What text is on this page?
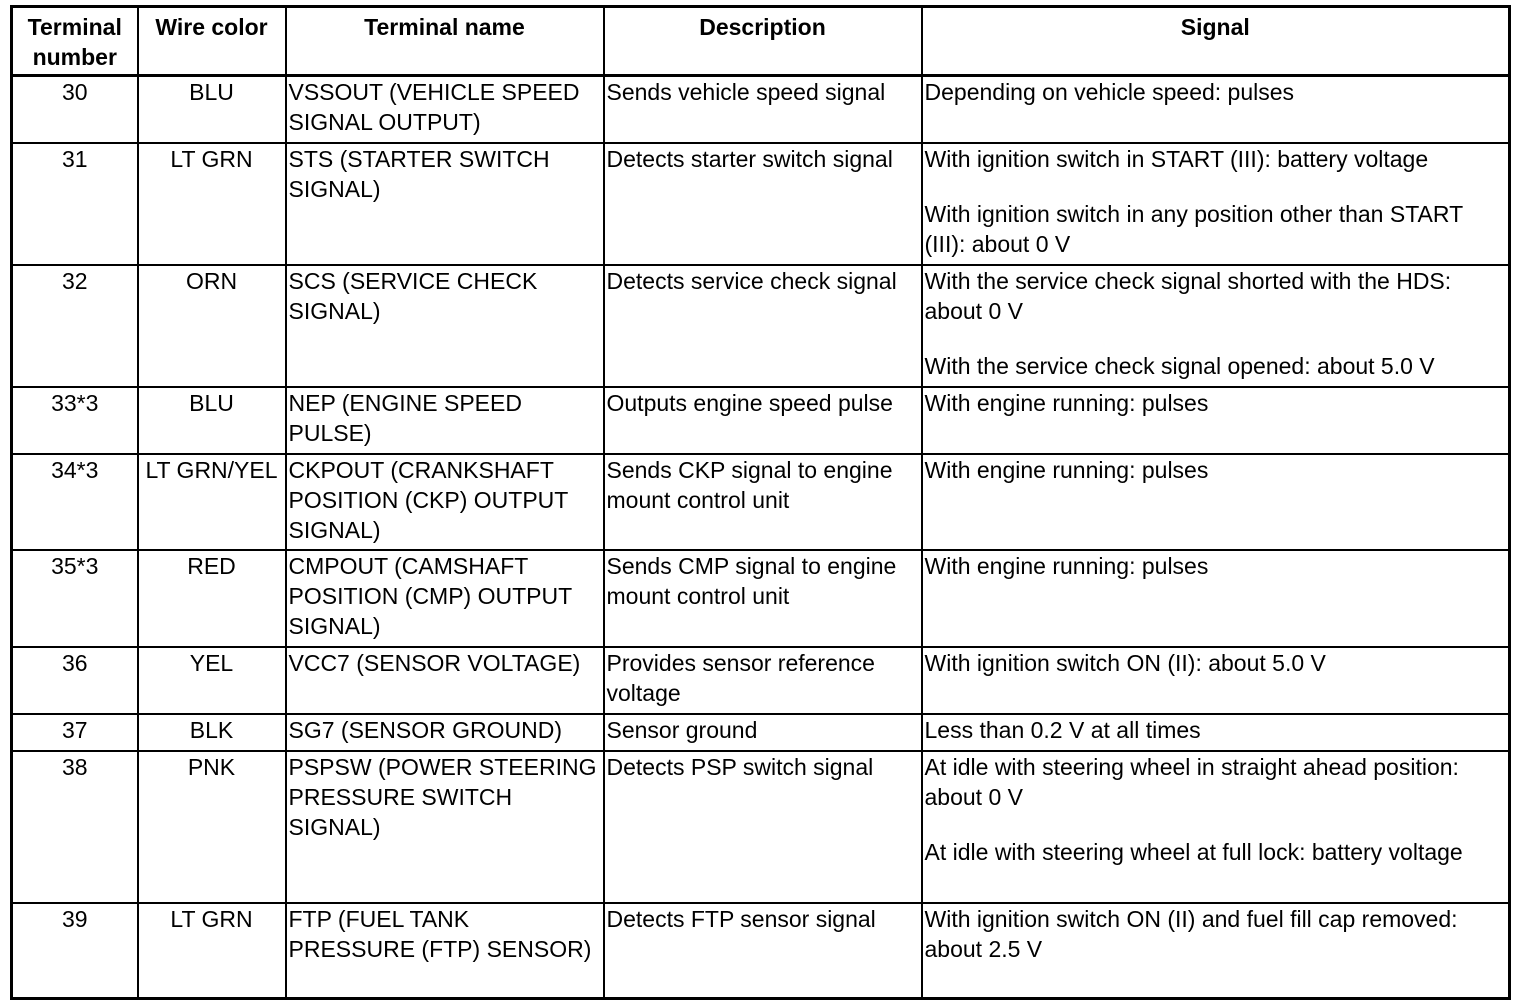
Terminal number	Wire color	Terminal name	Description	Signal
30	BLU	VSSOUT (VEHICLE SPEED SIGNAL OUTPUT)	Sends vehicle speed signal	Depending on vehicle speed: pulses

31	LT GRN	STS (STARTER SWITCH SIGNAL)	Detects starter switch signal	With ignition switch in START (III): battery voltage
With ignition switch in any position other than START (III): about 0 V

32	ORN	SCS (SERVICE CHECK SIGNAL)	Detects service check signal	With the service check signal shorted with the HDS: about 0 V
With the service check signal opened: about 5.0 V

33*3	BLU	NEP (ENGINE SPEED PULSE)	Outputs engine speed pulse	With engine running: pulses

34*3	LT GRN/YEL	CKPOUT (CRANKSHAFT POSITION (CKP) OUTPUT SIGNAL)	Sends CKP signal to engine mount control unit	With engine running: pulses

35*3	RED	CMPOUT (CAMSHAFT POSITION (CMP) OUTPUT SIGNAL)	Sends CMP signal to engine mount control unit	With engine running: pulses

36	YEL	VCC7 (SENSOR VOLTAGE)	Provides sensor reference voltage	With ignition switch ON (II): about 5.0 V

37	BLK	SG7 (SENSOR GROUND)	Sensor ground	Less than 0.2 V at all times

38	PNK	PSPSW (POWER STEERING PRESSURE SWITCH SIGNAL)	Detects PSP switch signal	At idle with steering wheel in straight ahead position: about 0 V
At idle with steering wheel at full lock: battery voltage

39	LT GRN	FTP (FUEL TANK PRESSURE (FTP) SENSOR)	Detects FTP sensor signal	With ignition switch ON (II) and fuel fill cap removed: about 2.5 V
